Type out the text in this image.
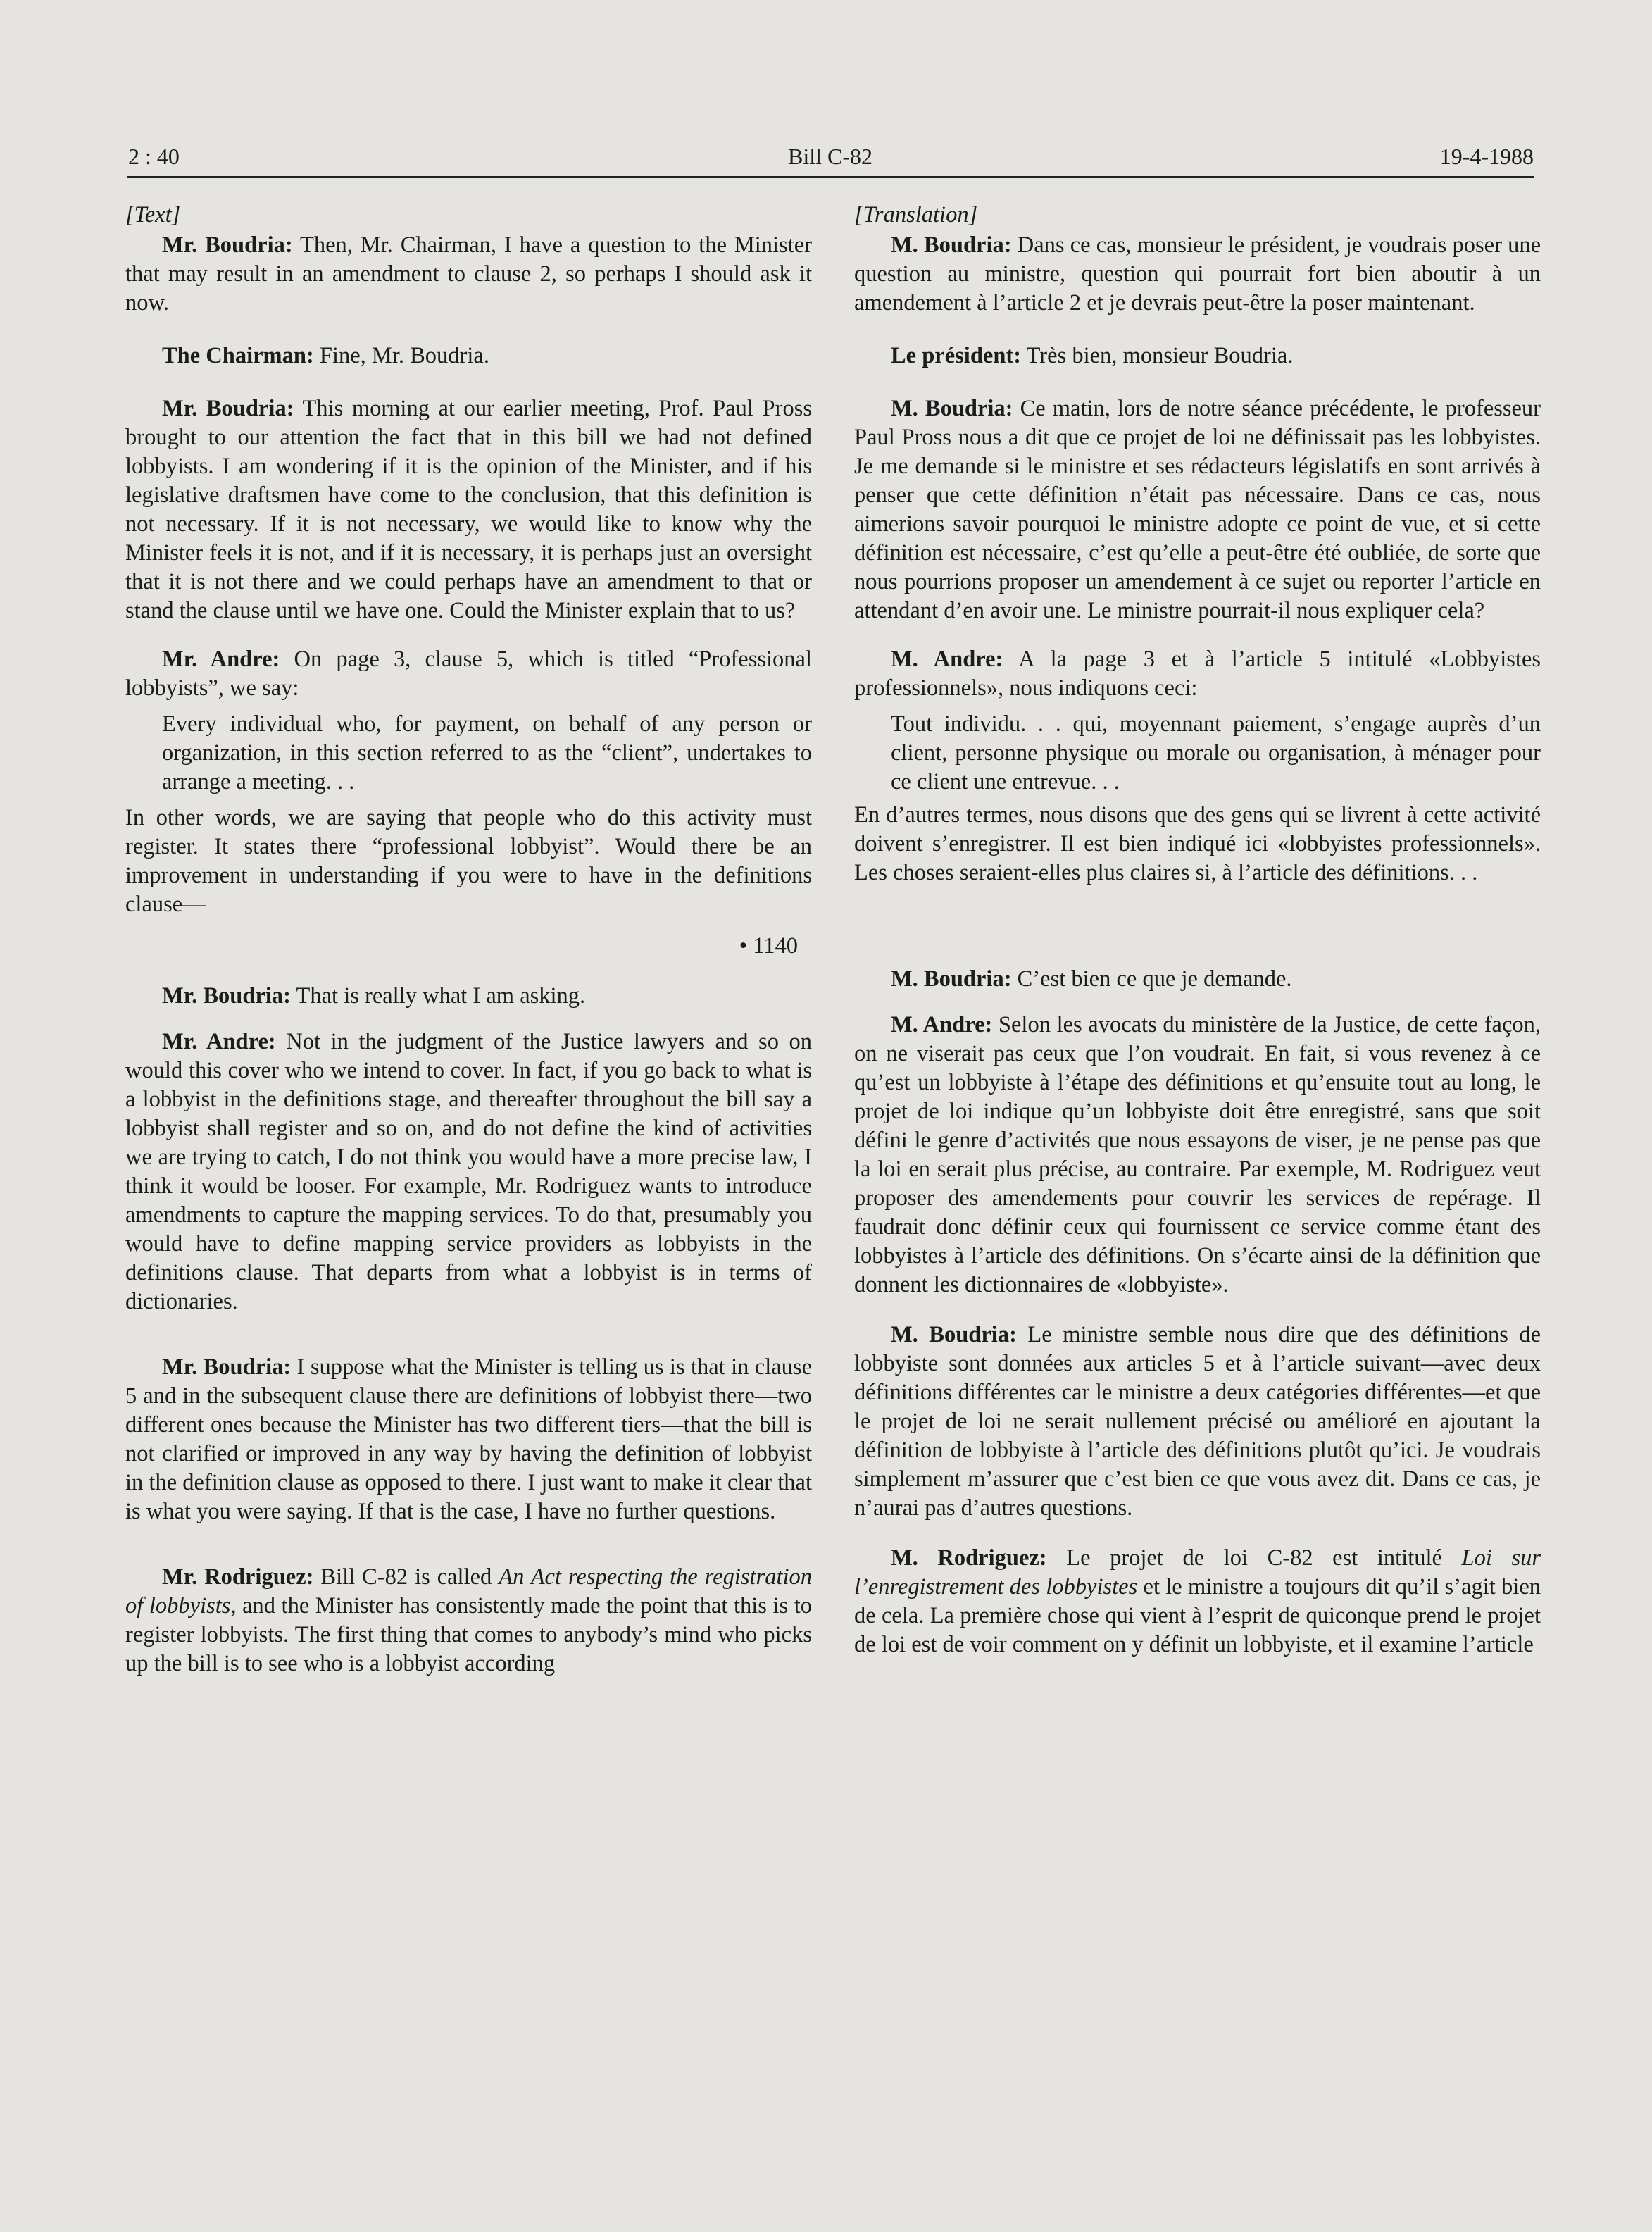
2 : 40	Bill C-82	19-4-1988
[Text]

Mr. Boudria: Then, Mr. Chairman, I have a question to the Minister that may result in an amendment to clause 2, so perhaps I should ask it now.

The Chairman: Fine, Mr. Boudria.

Mr. Boudria: This morning at our earlier meeting, Prof. Paul Pross brought to our attention the fact that in this bill we had not defined lobbyists. I am wondering if it is the opinion of the Minister, and if his legislative draftsmen have come to the conclusion, that this definition is not necessary. If it is not necessary, we would like to know why the Minister feels it is not, and if it is necessary, it is perhaps just an oversight that it is not there and we could perhaps have an amendment to that or stand the clause until we have one. Could the Minister explain that to us?

Mr. Andre: On page 3, clause 5, which is titled “Professional lobbyists”, we say:

Every individual who, for payment, on behalf of any person or organization, in this section referred to as the “client”, undertakes to arrange a meeting. . .

In other words, we are saying that people who do this activity must register. It states there “professional lobbyist”. Would there be an improvement in understanding if you were to have in the definitions clause—

• 1140

Mr. Boudria: That is really what I am asking.

Mr. Andre: Not in the judgment of the Justice lawyers and so on would this cover who we intend to cover. In fact, if you go back to what is a lobbyist in the definitions stage, and thereafter throughout the bill say a lobbyist shall register and so on, and do not define the kind of activities we are trying to catch, I do not think you would have a more precise law, I think it would be looser. For example, Mr. Rodriguez wants to introduce amendments to capture the mapping services. To do that, presumably you would have to define mapping service providers as lobbyists in the definitions clause. That departs from what a lobbyist is in terms of dictionaries.

Mr. Boudria: I suppose what the Minister is telling us is that in clause 5 and in the subsequent clause there are definitions of lobbyist there—two different ones because the Minister has two different tiers—that the bill is not clarified or improved in any way by having the definition of lobbyist in the definition clause as opposed to there. I just want to make it clear that is what you were saying. If that is the case, I have no further questions.

Mr. Rodriguez: Bill C-82 is called An Act respecting the registration of lobbyists, and the Minister has consistently made the point that this is to register lobbyists. The first thing that comes to anybody’s mind who picks up the bill is to see who is a lobbyist according

[Translation]

M. Boudria: Dans ce cas, monsieur le président, je voudrais poser une question au ministre, question qui pourrait fort bien aboutir à un amendement à l’article 2 et je devrais peut-être la poser maintenant.

Le président: Très bien, monsieur Boudria.

M. Boudria: Ce matin, lors de notre séance précédente, le professeur Paul Pross nous a dit que ce projet de loi ne définissait pas les lobbyistes. Je me demande si le ministre et ses rédacteurs législatifs en sont arrivés à penser que cette définition n’était pas nécessaire. Dans ce cas, nous aimerions savoir pourquoi le ministre adopte ce point de vue, et si cette définition est nécessaire, c’est qu’elle a peut-être été oubliée, de sorte que nous pourrions proposer un amendement à ce sujet ou reporter l’article en attendant d’en avoir une. Le ministre pourrait-il nous expliquer cela?

M. Andre: A la page 3 et à l’article 5 intitulé «Lobbyistes professionnels», nous indiquons ceci:

Tout individu. . . qui, moyennant paiement, s’engage auprès d’un client, personne physique ou morale ou organisation, à ménager pour ce client une entrevue. . .

En d’autres termes, nous disons que des gens qui se livrent à cette activité doivent s’enregistrer. Il est bien indiqué ici «lobbyistes professionnels». Les choses seraient-elles plus claires si, à l’article des définitions. . .

M. Boudria: C’est bien ce que je demande.

M. Andre: Selon les avocats du ministère de la Justice, de cette façon, on ne viserait pas ceux que l’on voudrait. En fait, si vous revenez à ce qu’est un lobbyiste à l’étape des définitions et qu’ensuite tout au long, le projet de loi indique qu’un lobbyiste doit être enregistré, sans que soit défini le genre d’activités que nous essayons de viser, je ne pense pas que la loi en serait plus précise, au contraire. Par exemple, M. Rodriguez veut proposer des amendements pour couvrir les services de repérage. Il faudrait donc définir ceux qui fournissent ce service comme étant des lobbyistes à l’article des définitions. On s’écarte ainsi de la définition que donnent les dictionnaires de «lobbyiste».

M. Boudria: Le ministre semble nous dire que des définitions de lobbyiste sont données aux articles 5 et à l’article suivant—avec deux définitions différentes car le ministre a deux catégories différentes—et que le projet de loi ne serait nullement précisé ou amélioré en ajoutant la définition de lobbyiste à l’article des définitions plutôt qu’ici. Je voudrais simplement m’assurer que c’est bien ce que vous avez dit. Dans ce cas, je n’aurai pas d’autres questions.

M. Rodriguez: Le projet de loi C-82 est intitulé Loi sur l’enregistrement des lobbyistes et le ministre a toujours dit qu’il s’agit bien de cela. La première chose qui vient à l’esprit de quiconque prend le projet de loi est de voir comment on y définit un lobbyiste, et il examine l’article
